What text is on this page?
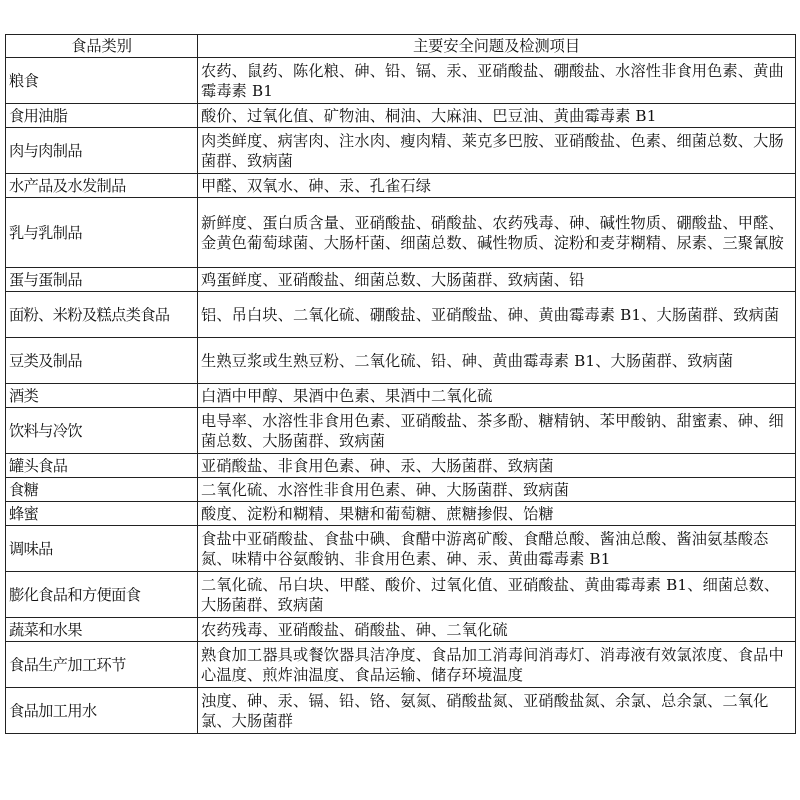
食品类别	主要安全问题及检测项目
粮食	农药、鼠药、陈化粮、砷、铅、镉、汞、亚硝酸盐、硼酸盐、水溶性非食用色素、黄曲霉毒素 B1
食用油脂	酸价、过氧化值、矿物油、桐油、大麻油、巴豆油、黄曲霉毒素 B1
肉与肉制品	肉类鲜度、病害肉、注水肉、瘦肉精、莱克多巴胺、亚硝酸盐、色素、细菌总数、大肠菌群、致病菌
水产品及水发制品	甲醛、双氧水、砷、汞、孔雀石绿
乳与乳制品	新鲜度、蛋白质含量、亚硝酸盐、硝酸盐、农药残毒、砷、碱性物质、硼酸盐、甲醛、金黄色葡萄球菌、大肠杆菌、细菌总数、碱性物质、淀粉和麦芽糊精、尿素、三聚氰胺
蛋与蛋制品	鸡蛋鲜度、亚硝酸盐、细菌总数、大肠菌群、致病菌、铅
面粉、米粉及糕点类食品	铝、吊白块、二氧化硫、硼酸盐、亚硝酸盐、砷、黄曲霉毒素 B1、大肠菌群、致病菌
豆类及制品	生熟豆浆或生熟豆粉、二氧化硫、铅、砷、黄曲霉毒素 B1、大肠菌群、致病菌
酒类	白酒中甲醇、果酒中色素、果酒中二氧化硫
饮料与冷饮	电导率、水溶性非食用色素、亚硝酸盐、茶多酚、糖精钠、苯甲酸钠、甜蜜素、砷、细菌总数、大肠菌群、致病菌
罐头食品	亚硝酸盐、非食用色素、砷、汞、大肠菌群、致病菌
食糖	二氧化硫、水溶性非食用色素、砷、大肠菌群、致病菌
蜂蜜	酸度、淀粉和糊精、果糖和葡萄糖、蔗糖掺假、饴糖
调味品	食盐中亚硝酸盐、食盐中碘、食醋中游离矿酸、食醋总酸、酱油总酸、酱油氨基酸态氮、味精中谷氨酸钠、非食用色素、砷、汞、黄曲霉毒素 B1
膨化食品和方便面食	二氧化硫、吊白块、甲醛、酸价、过氧化值、亚硝酸盐、黄曲霉毒素 B1、细菌总数、大肠菌群、致病菌
蔬菜和水果	农药残毒、亚硝酸盐、硝酸盐、砷、二氧化硫
食品生产加工环节	熟食加工器具或餐饮器具洁净度、食品加工消毒间消毒灯、消毒液有效氯浓度、食品中心温度、煎炸油温度、食品运输、储存环境温度
食品加工用水	浊度、砷、汞、镉、铅、铬、氨氮、硝酸盐氮、亚硝酸盐氮、余氯、总余氯、二氧化氯、大肠菌群
